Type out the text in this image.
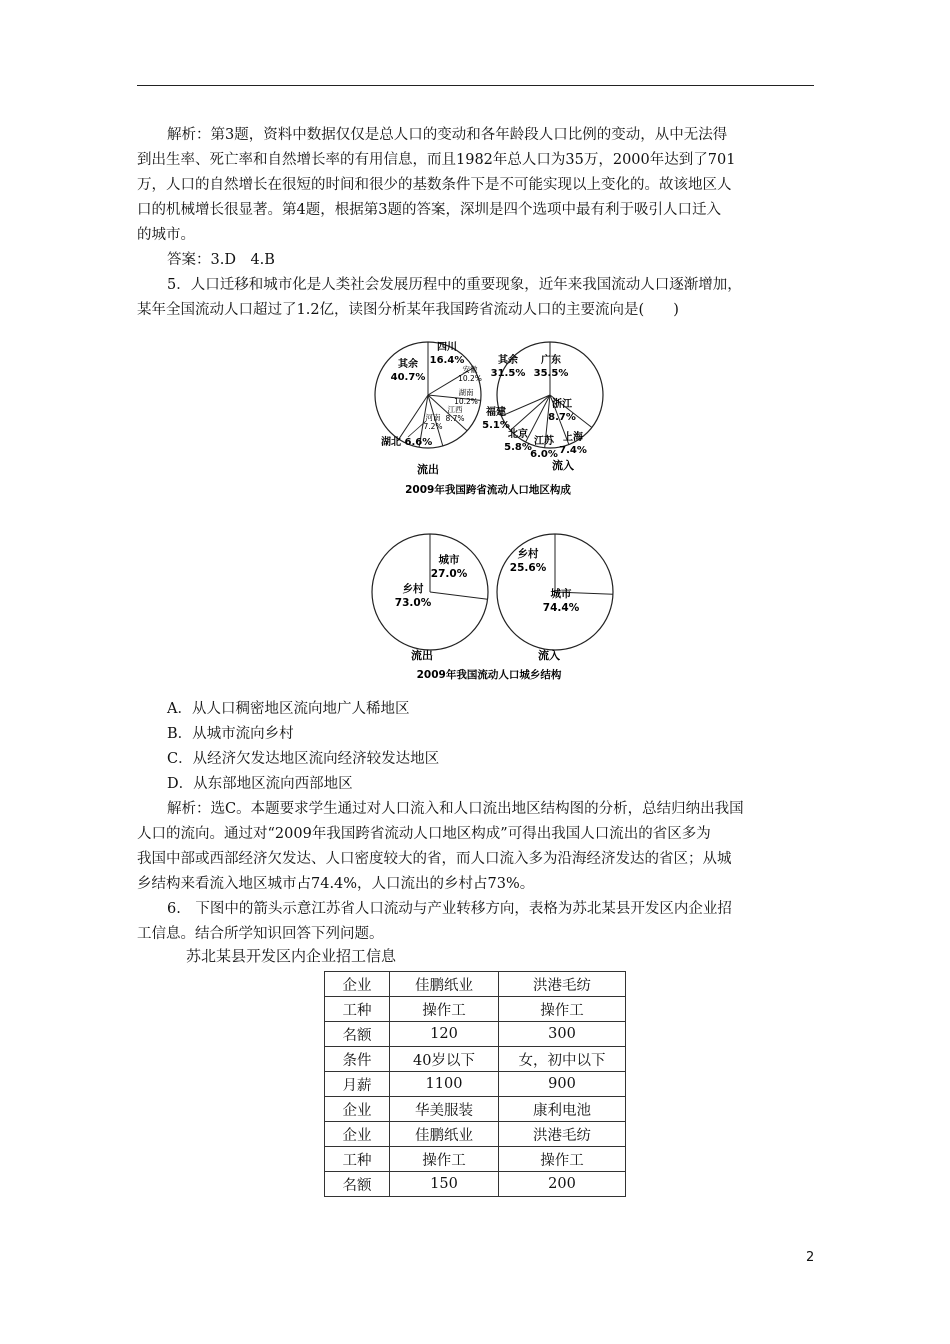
解析：第3题，资料中数据仅仅是总人口的变动和各年龄段人口比例的变动，从中无法得
到出生率、死亡率和自然增长率的有用信息，而且1982年总人口为35万，2000年达到了701
万，人口的自然增长在很短的时间和很少的基数条件下是不可能实现以上变化的。故该地区人
口的机械增长很显著。第4题，根据第3题的答案，深圳是四个选项中最有利于吸引人口迁入
的城市。
答案：3.D　4.B
5．人口迁移和城市化是人类社会发展历程中的重要现象，近年来我国流动人口逐渐增加，
某年全国流动人口超过了1.2亿，读图分析某年我国跨省流动人口的主要流向是(　　)
其余
40.7%
四川
16.4%
安徽
10.2%
湖南
10.2%
江西
8.7%
河南
7.2%
湖北 6.6%
流出
其余
31.5%
广东
35.5%
浙江
8.7%
上海
7.4%
江苏
6.0%
北京
5.8%
福建
5.1%
流入
2009年我国跨省流动人口地区构成
城市
27.0%
乡村
73.0%
流出
乡村
25.6%
城市
74.4%
流入
2009年我国流动人口城乡结构
A．从人口稠密地区流向地广人稀地区
B．从城市流向乡村
C．从经济欠发达地区流向经济较发达地区
D．从东部地区流向西部地区
解析：选C。本题要求学生通过对人口流入和人口流出地区结构图的分析，总结归纳出我国
人口的流向。通过对“2009年我国跨省流动人口地区构成”可得出我国人口流出的省区多为
我国中部或西部经济欠发达、人口密度较大的省，而人口流入多为沿海经济发达的省区；从城
乡结构来看流入地区城市占74.4%，人口流出的乡村占73%。
6.　下图中的箭头示意江苏省人口流动与产业转移方向，表格为苏北某县开发区内企业招
工信息。结合所学知识回答下列问题。
苏北某县开发区内企业招工信息
企业	佳鹏纸业	洪港毛纺
工种	操作工	操作工
名额	120	300
条件	40岁以下	女，初中以下
月薪	1100	900
企业	华美服装	康利电池
企业	佳鹏纸业	洪港毛纺
工种	操作工	操作工
名额	150	200
2
